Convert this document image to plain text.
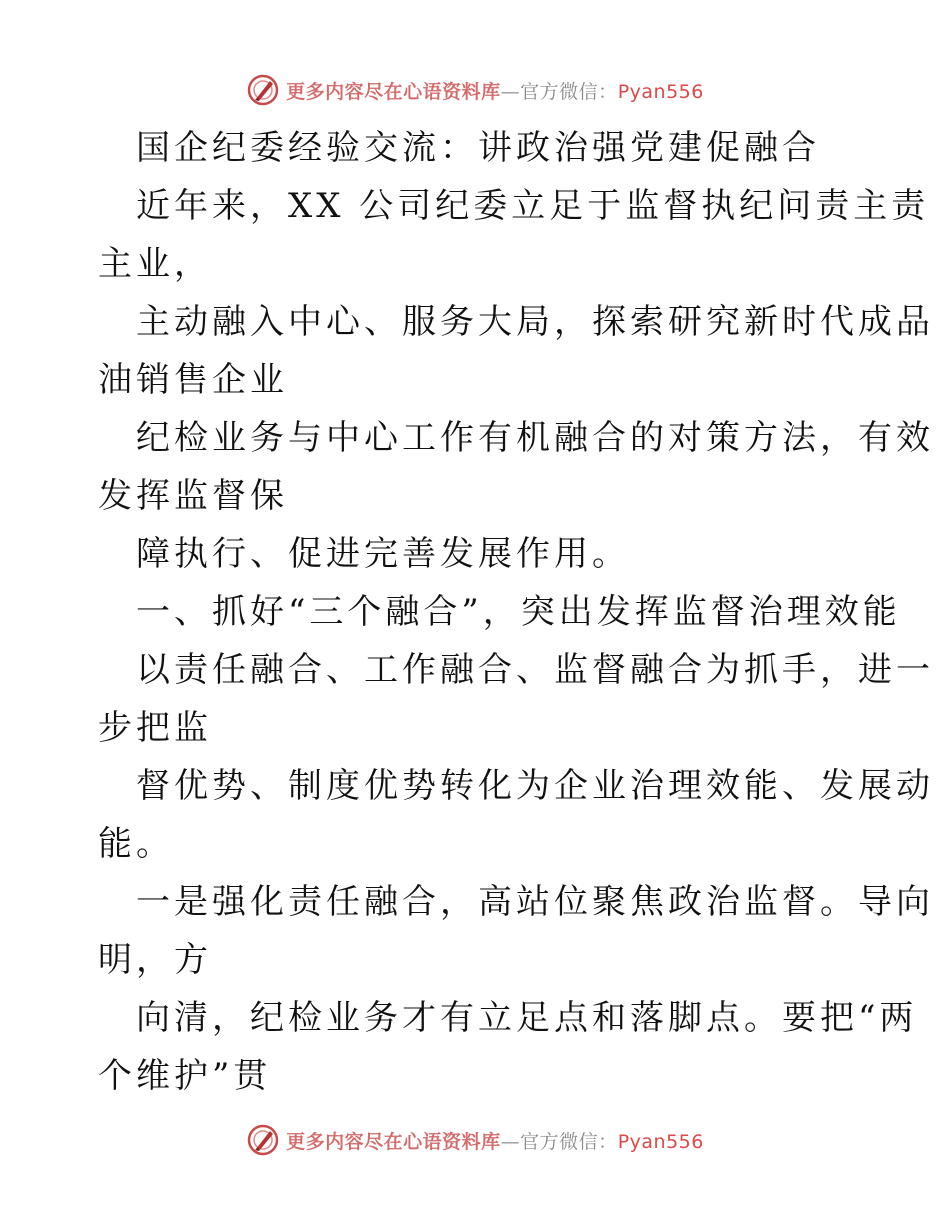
更多内容尽在心语资料库—官方微信：Pyan556
国企纪委经验交流：讲政治强党建促融合
近年来，XX 公司纪委立足于监督执纪问责主责
主业，
主动融入中心、服务大局，探索研究新时代成品
油销售企业
纪检业务与中心工作有机融合的对策方法，有效
发挥监督保
障执行、促进完善发展作用。
一、抓好“三个融合”，突出发挥监督治理效能
以责任融合、工作融合、监督融合为抓手，进一
步把监
督优势、制度优势转化为企业治理效能、发展动
能。
一是强化责任融合，高站位聚焦政治监督。导向
明，方
向清，纪检业务才有立足点和落脚点。要把“两
个维护”贯
更多内容尽在心语资料库—官方微信：Pyan556
